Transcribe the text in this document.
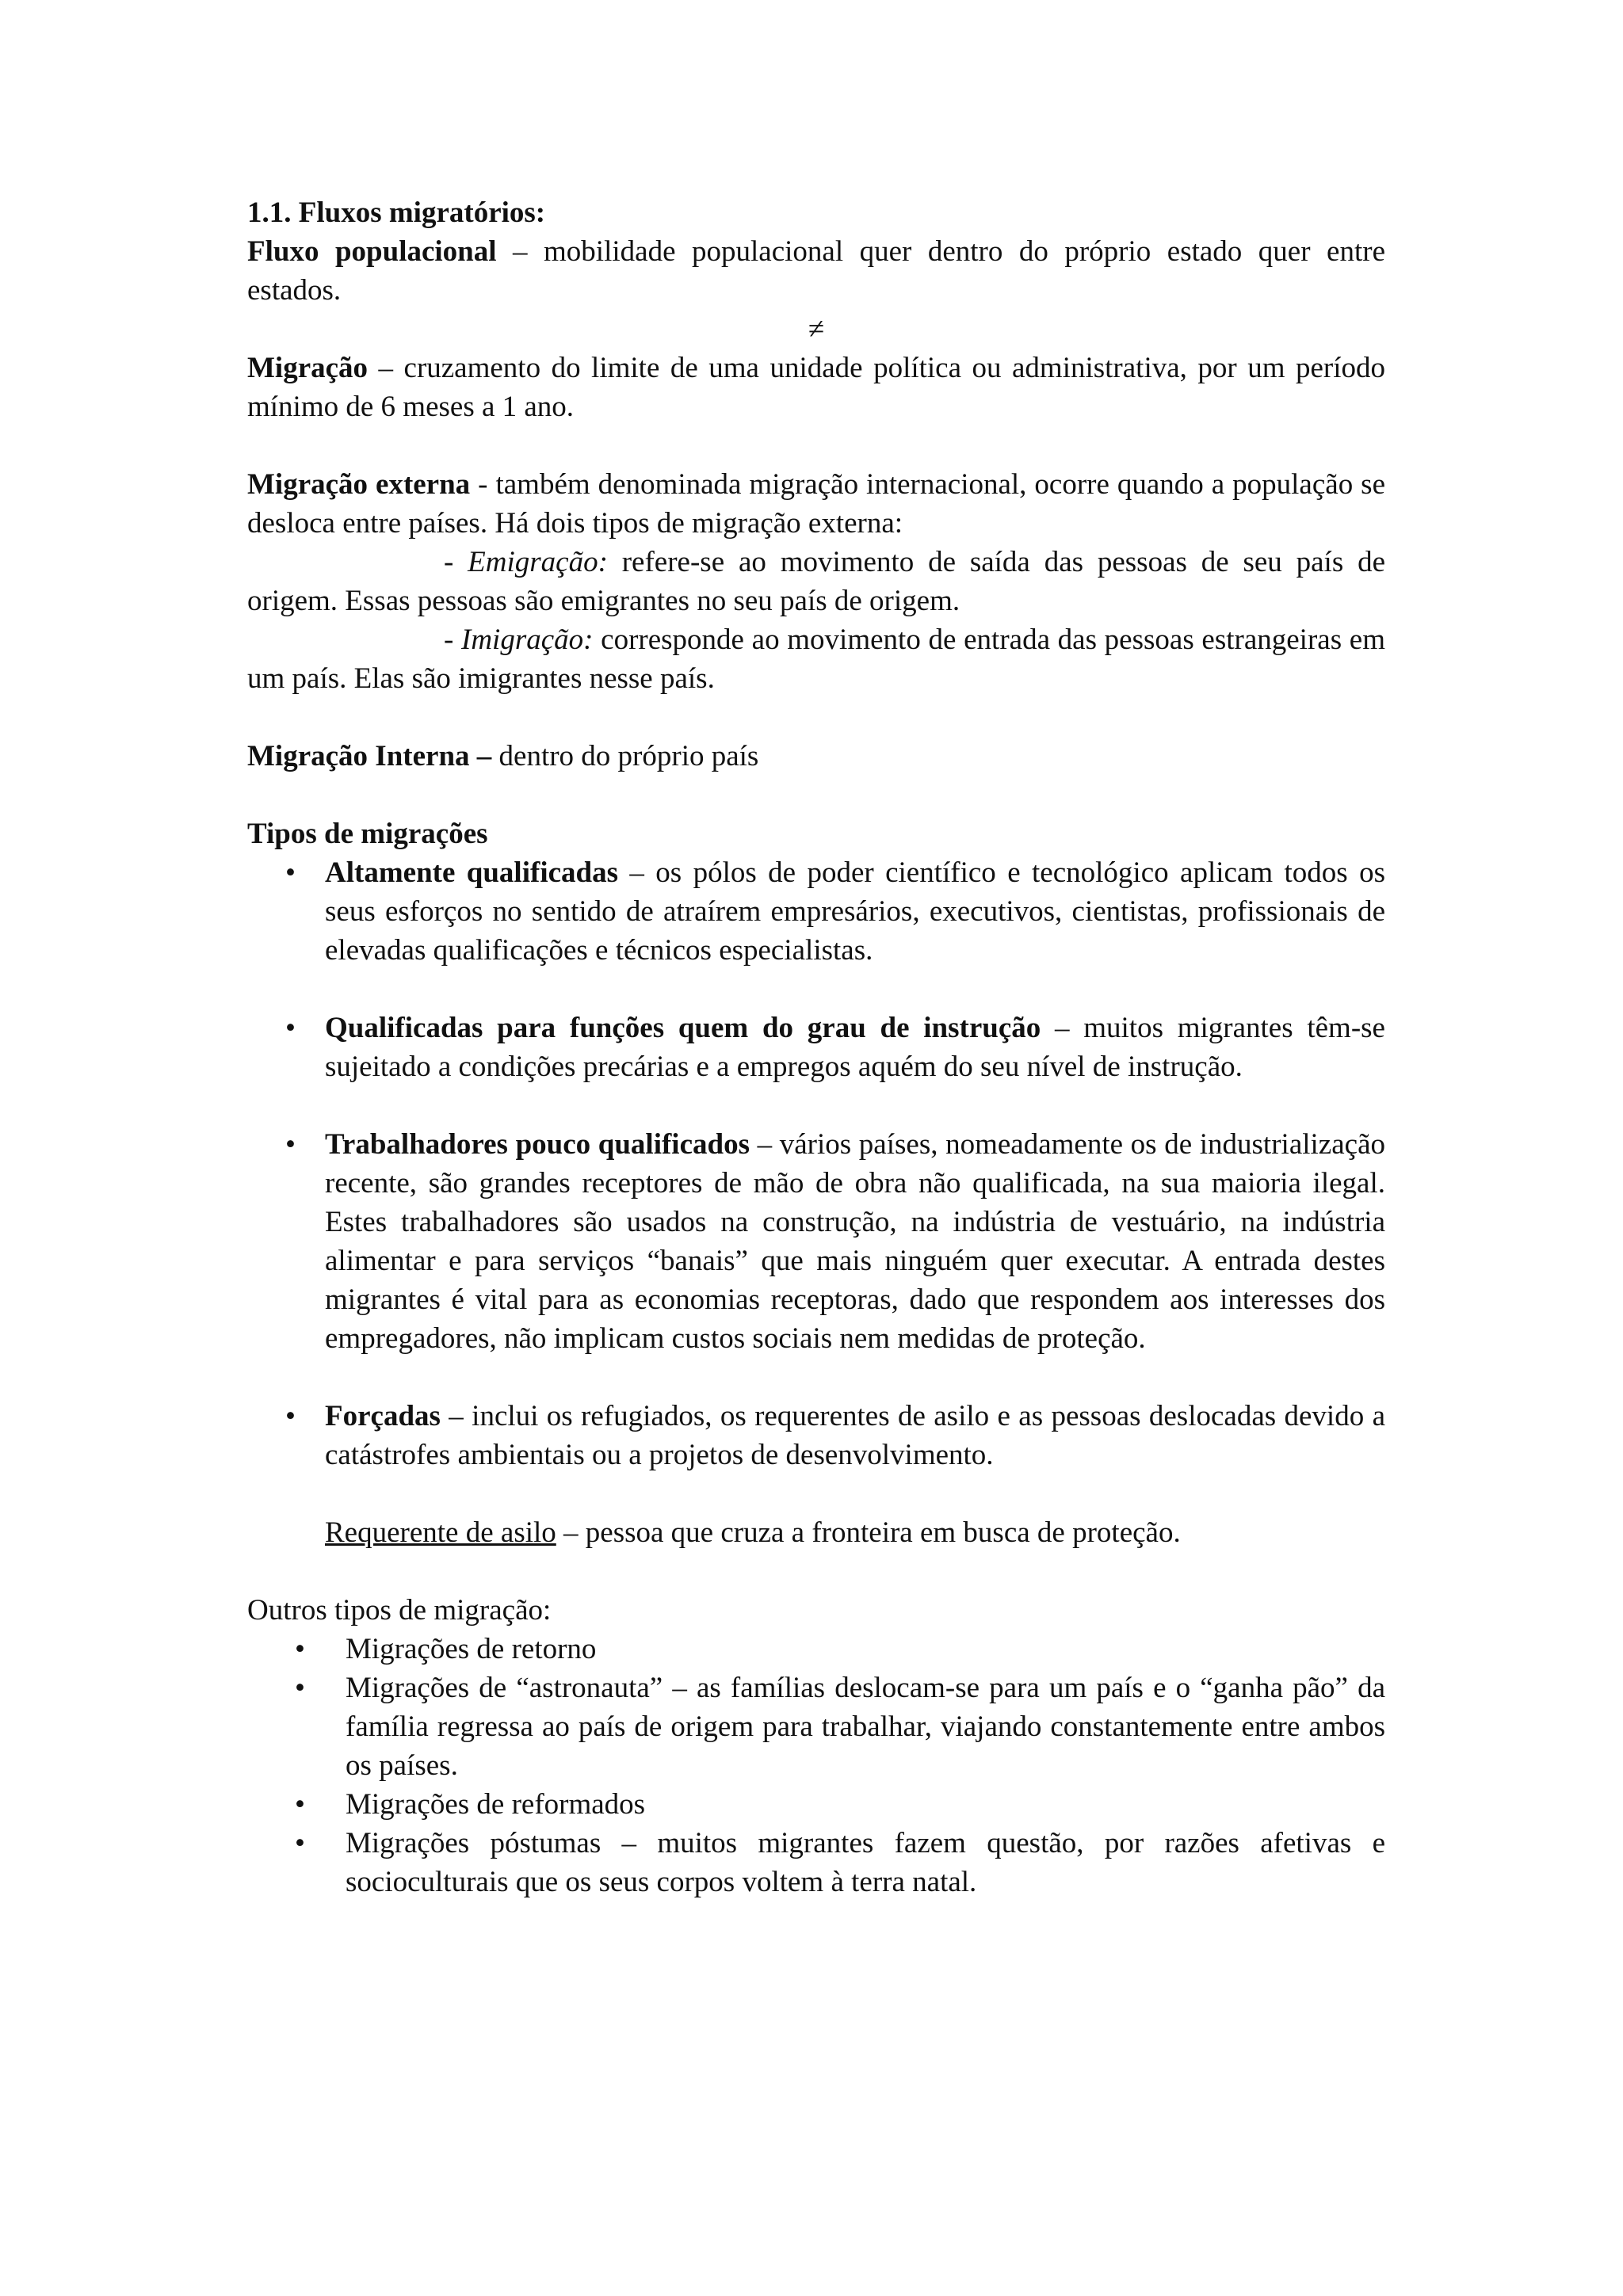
1.1. Fluxos migratórios:

Fluxo populacional – mobilidade populacional quer dentro do próprio estado quer entre estados.

≠

Migração – cruzamento do limite de uma unidade política ou administrativa, por um período mínimo de 6 meses a 1 ano.

Migração externa - também denominada migração internacional, ocorre quando a população se desloca entre países. Há dois tipos de migração externa:

- Emigração: refere-se ao movimento de saída das pessoas de seu país de origem. Essas pessoas são emigrantes no seu país de origem.

- Imigração: corresponde ao movimento de entrada das pessoas estrangeiras em um país. Elas são imigrantes nesse país.

Migração Interna – dentro do próprio país

Tipos de migrações

• Altamente qualificadas – os pólos de poder científico e tecnológico aplicam todos os seus esforços no sentido de atraírem empresários, executivos, cientistas, profissionais de elevadas qualificações e técnicos especialistas.
• Qualificadas para funções quem do grau de instrução – muitos migrantes têm-se sujeitado a condições precárias e a empregos aquém do seu nível de instrução.
• Trabalhadores pouco qualificados – vários países, nomeadamente os de industrialização recente, são grandes receptores de mão de obra não qualificada, na sua maioria ilegal. Estes trabalhadores são usados na construção, na indústria de vestuário, na indústria alimentar e para serviços “banais” que mais ninguém quer executar. A entrada destes migrantes é vital para as economias receptoras, dado que respondem aos interesses dos empregadores, não implicam custos sociais nem medidas de proteção.
• Forçadas – inclui os refugiados, os requerentes de asilo e as pessoas deslocadas devido a catástrofes ambientais ou a projetos de desenvolvimento.

Requerente de asilo – pessoa que cruza a fronteira em busca de proteção.

Outros tipos de migração:

• Migrações de retorno
• Migrações de “astronauta” – as famílias deslocam-se para um país e o “ganha pão” da família regressa ao país de origem para trabalhar, viajando constantemente entre ambos os países.
• Migrações de reformados
• Migrações póstumas – muitos migrantes fazem questão, por razões afetivas e socioculturais que os seus corpos voltem à terra natal.
